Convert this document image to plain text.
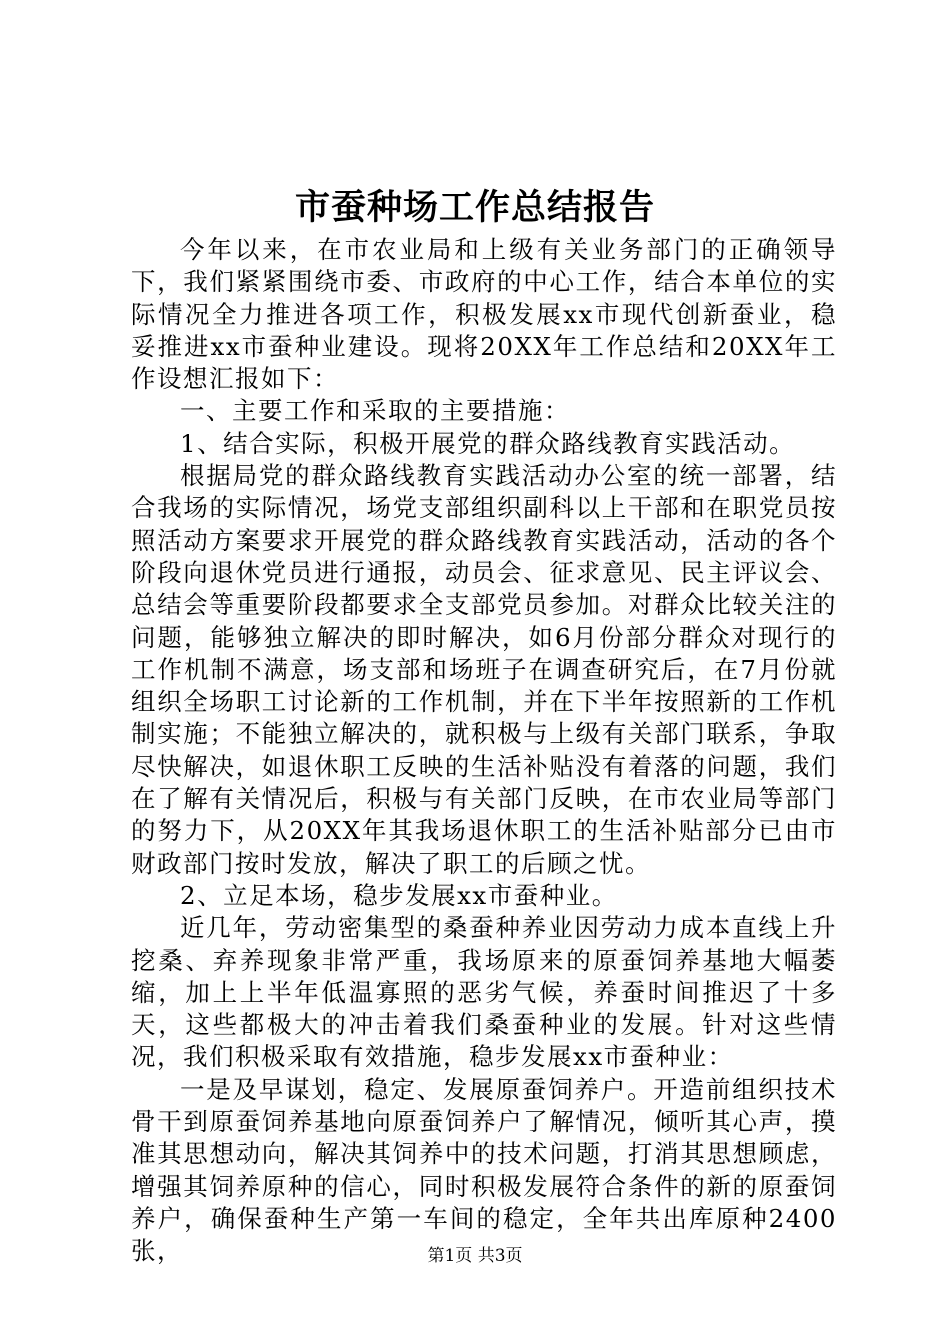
市蚕种场工作总结报告

今年以来，在市农业局和上级有关业务部门的正确领导下，我们紧紧围绕市委、市政府的中心工作，结合本单位的实际情况全力推进各项工作，积极发展xx市现代创新蚕业，稳妥推进xx市蚕种业建设。现将20XX年工作总结和20XX年工作设想汇报如下：

一、主要工作和采取的主要措施：

1、结合实际，积极开展党的群众路线教育实践活动。

根据局党的群众路线教育实践活动办公室的统一部署，结合我场的实际情况，场党支部组织副科以上干部和在职党员按照活动方案要求开展党的群众路线教育实践活动，活动的各个阶段向退休党员进行通报，动员会、征求意见、民主评议会、总结会等重要阶段都要求全支部党员参加。对群众比较关注的问题，能够独立解决的即时解决，如6月份部分群众对现行的工作机制不满意，场支部和场班子在调查研究后，在7月份就组织全场职工讨论新的工作机制，并在下半年按照新的工作机制实施；不能独立解决的，就积极与上级有关部门联系，争取尽快解决，如退休职工反映的生活补贴没有着落的问题，我们在了解有关情况后，积极与有关部门反映，在市农业局等部门的努力下，从20XX年其我场退休职工的生活补贴部分已由市财政部门按时发放，解决了职工的后顾之忧。

2、立足本场，稳步发展xx市蚕种业。

近几年，劳动密集型的桑蚕种养业因劳动力成本直线上升挖桑、弃养现象非常严重，我场原来的原蚕饲养基地大幅萎缩，加上上半年低温寡照的恶劣气候，养蚕时间推迟了十多天，这些都极大的冲击着我们桑蚕种业的发展。针对这些情况，我们积极采取有效措施，稳步发展xx市蚕种业：

一是及早谋划，稳定、发展原蚕饲养户。开造前组织技术骨干到原蚕饲养基地向原蚕饲养户了解情况，倾听其心声，摸准其思想动向，解决其饲养中的技术问题，打消其思想顾虑，增强其饲养原种的信心，同时积极发展符合条件的新的原蚕饲养户，确保蚕种生产第一车间的稳定，全年共出库原种2400张，	第1页 共3页
